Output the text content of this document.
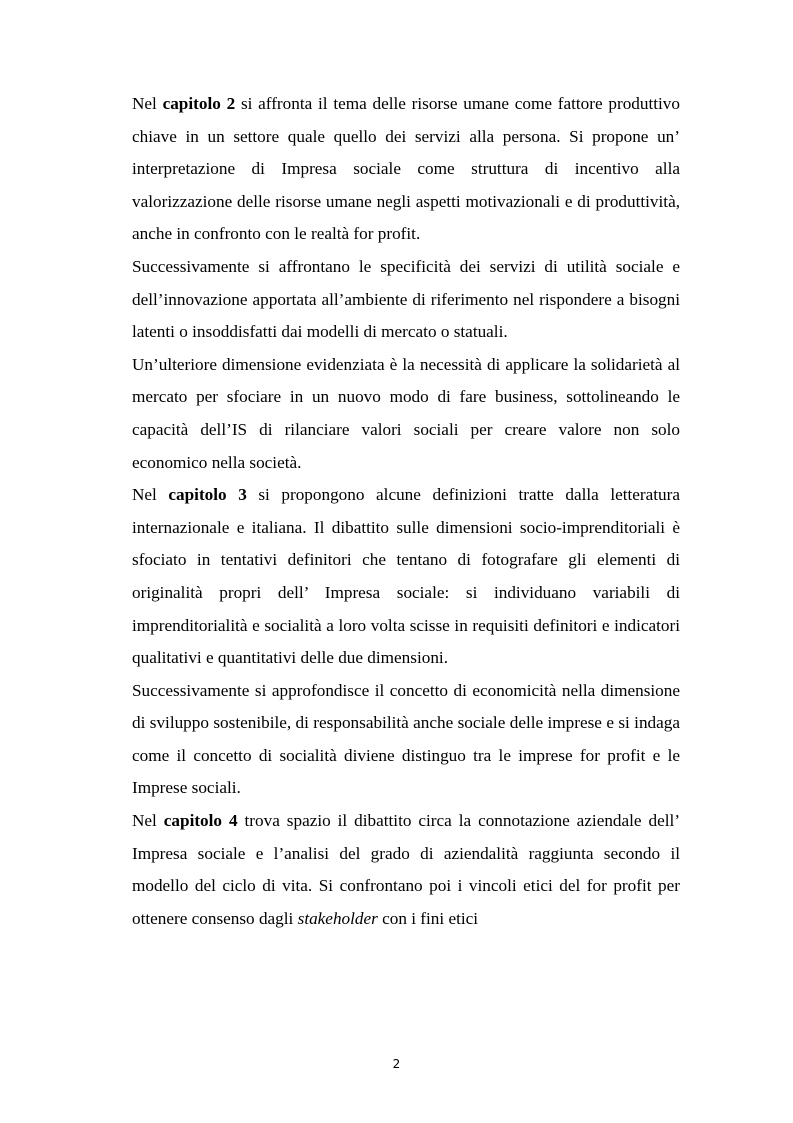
Nel capitolo 2 si affronta il tema delle risorse umane come fattore produttivo chiave in un settore quale quello dei servizi alla persona. Si propone un’ interpretazione di Impresa sociale come struttura di incentivo alla valorizzazione delle risorse umane negli aspetti motivazionali e di produttività, anche in confronto con le realtà for profit.

Successivamente si affrontano le specificità dei servizi di utilità sociale e dell’innovazione apportata all’ambiente di riferimento nel rispondere a bisogni latenti o insoddisfatti dai modelli di mercato o statuali.

Un’ulteriore dimensione evidenziata è la necessità di applicare la solidarietà al mercato per sfociare in un nuovo modo di fare business, sottolineando le capacità dell’IS di rilanciare valori sociali per creare valore non solo economico nella società.

Nel capitolo 3 si propongono alcune definizioni tratte dalla letteratura internazionale e italiana. Il dibattito sulle dimensioni socio-imprenditoriali è sfociato in tentativi definitori che tentano di fotografare gli elementi di originalità propri dell’ Impresa sociale: si individuano variabili di imprenditorialità e socialità a loro volta scisse in requisiti definitori e indicatori qualitativi e quantitativi delle due dimensioni.

Successivamente si approfondisce il concetto di economicità nella dimensione di sviluppo sostenibile, di responsabilità anche sociale delle imprese e si indaga come il concetto di socialità diviene distinguo tra le imprese for profit e le Imprese sociali.

Nel capitolo 4 trova spazio il dibattito circa la connotazione aziendale dell’ Impresa sociale e l’analisi del grado di aziendalità raggiunta secondo il modello del ciclo di vita. Si confrontano poi i vincoli etici del for profit per ottenere consenso dagli stakeholder con i fini etici

2
